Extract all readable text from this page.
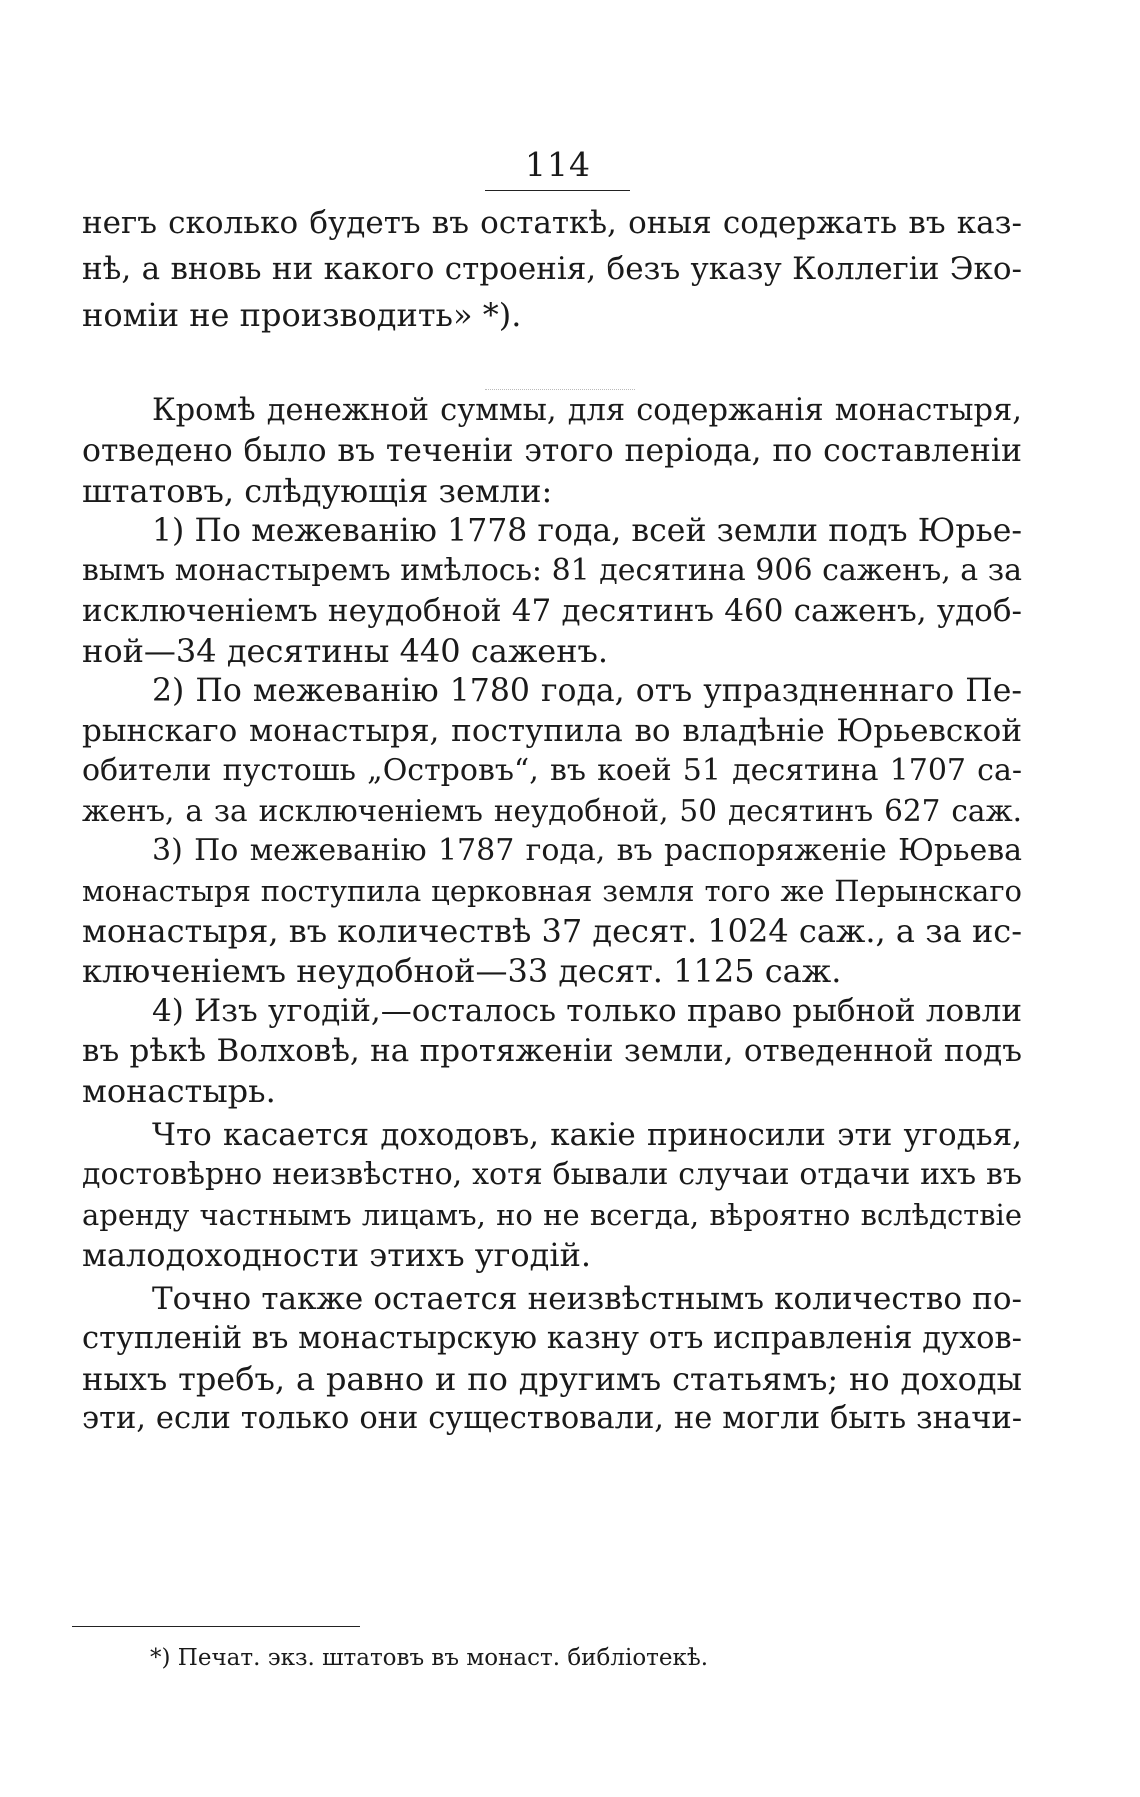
114
негъ сколько будетъ въ остаткѣ, оныя содержать въ каз-
нѣ, а вновь ни какого строенія, безъ указу Коллегіи Эко-
номіи не производить» *).
Кромѣ денежной суммы, для содержанія монастыря,
отведено было въ теченіи этого періода, по составленіи
штатовъ, слѣдующія земли:
1) По межеванію 1778 года, всей земли подъ Юрье-
вымъ монастыремъ имѣлось: 81 десятина 906 саженъ, а за
исключеніемъ неудобной 47 десятинъ 460 саженъ, удоб-
ной—34 десятины 440 саженъ.
2) По межеванію 1780 года, отъ упраздненнаго Пе-
рынскаго монастыря, поступила во владѣніе Юрьевской
обители пустошь „Островъ“, въ коей 51 десятина 1707 са-
женъ, а за исключеніемъ неудобной, 50 десятинъ 627 саж.
3) По межеванію 1787 года, въ распоряженіе Юрьева
монастыря поступила церковная земля того же Перынскаго
монастыря, въ количествѣ 37 десят. 1024 саж., а за ис-
ключеніемъ неудобной—33 десят. 1125 саж.
4) Изъ угодій,—осталось только право рыбной ловли
въ рѣкѣ Волховѣ, на протяженіи земли, отведенной подъ
монастырь.
Что касается доходовъ, какіе приносили эти угодья,
достовѣрно неизвѣстно, хотя бывали случаи отдачи ихъ въ
аренду частнымъ лицамъ, но не всегда, вѣроятно вслѣдствіе
малодоходности этихъ угодій.
Точно также остается неизвѣстнымъ количество по-
ступленій въ монастырскую казну отъ исправленія духов-
ныхъ требъ, а равно и по другимъ статьямъ; но доходы
эти, если только они существовали, не могли быть значи-
*) Печат. экз. штатовъ въ монаст. библіотекѣ.
